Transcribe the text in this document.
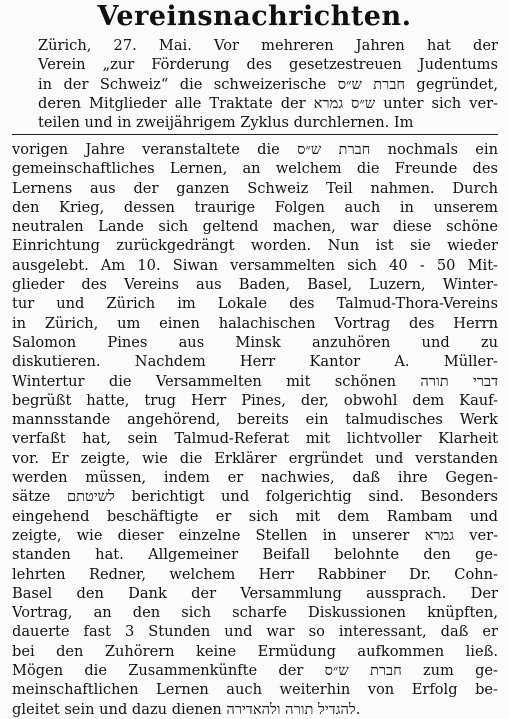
Vereinsnachrichten.
Zürich, 27. Mai. Vor mehreren Jahren hat der
Verein „zur Förderung des gesetzestreuen Judentums
in der Schweiz“ die schweizerische חברת ש״ס gegründet,
deren Mitglieder alle Traktate der ש״ס גמרא unter sich ver-
teilen und in zweijährigem Zyklus durchlernen. Im
vorigen Jahre veranstaltete die חברת ש״ס nochmals ein
gemeinschaftliches Lernen, an welchem die Freunde des
Lernens aus der ganzen Schweiz Teil nahmen. Durch
den Krieg, dessen traurige Folgen auch in unserem
neutralen Lande sich geltend machen, war diese schöne
Einrichtung zurückgedrängt worden. Nun ist sie wieder
ausgelebt. Am 10. Siwan versammelten sich 40 - 50 Mit-
glieder des Vereins aus Baden, Basel, Luzern, Winter-
tur und Zürich im Lokale des Talmud-Thora-Vereins
in Zürich, um einen halachischen Vortrag des Herrn
Salomon Pines aus Minsk anzuhören und zu
diskutieren. Nachdem Herr Kantor A. Müller-
Wintertur die Versammelten mit schönen דברי תורה
begrüßt hatte, trug Herr Pines, der, obwohl dem Kauf-
mannsstande angehörend, bereits ein talmudisches Werk
verfaßt hat, sein Talmud-Referat mit lichtvoller Klarheit
vor. Er zeigte, wie die Erklärer ergründet und verstanden
werden müssen, indem er nachwies, daß ihre Gegen-
sätze לשיטתם berichtigt und folgerichtig sind. Besonders
eingehend beschäftigte er sich mit dem Rambam und
zeigte, wie dieser einzelne Stellen in unserer גמרא ver-
standen hat. Allgemeiner Beifall belohnte den ge-
lehrten Redner, welchem Herr Rabbiner Dr. Cohn-
Basel den Dank der Versammlung aussprach. Der
Vortrag, an den sich scharfe Diskussionen knüpften,
dauerte fast 3 Stunden und war so interessant, daß er
bei den Zuhörern keine Ermüdung aufkommen ließ.
Mögen die Zusammenkünfte der חברת ש״ס zum ge-
meinschaftlichen Lernen auch weiterhin von Erfolg be-
gleitet sein und dazu dienen להגדיל תורה ולהאדירה.
